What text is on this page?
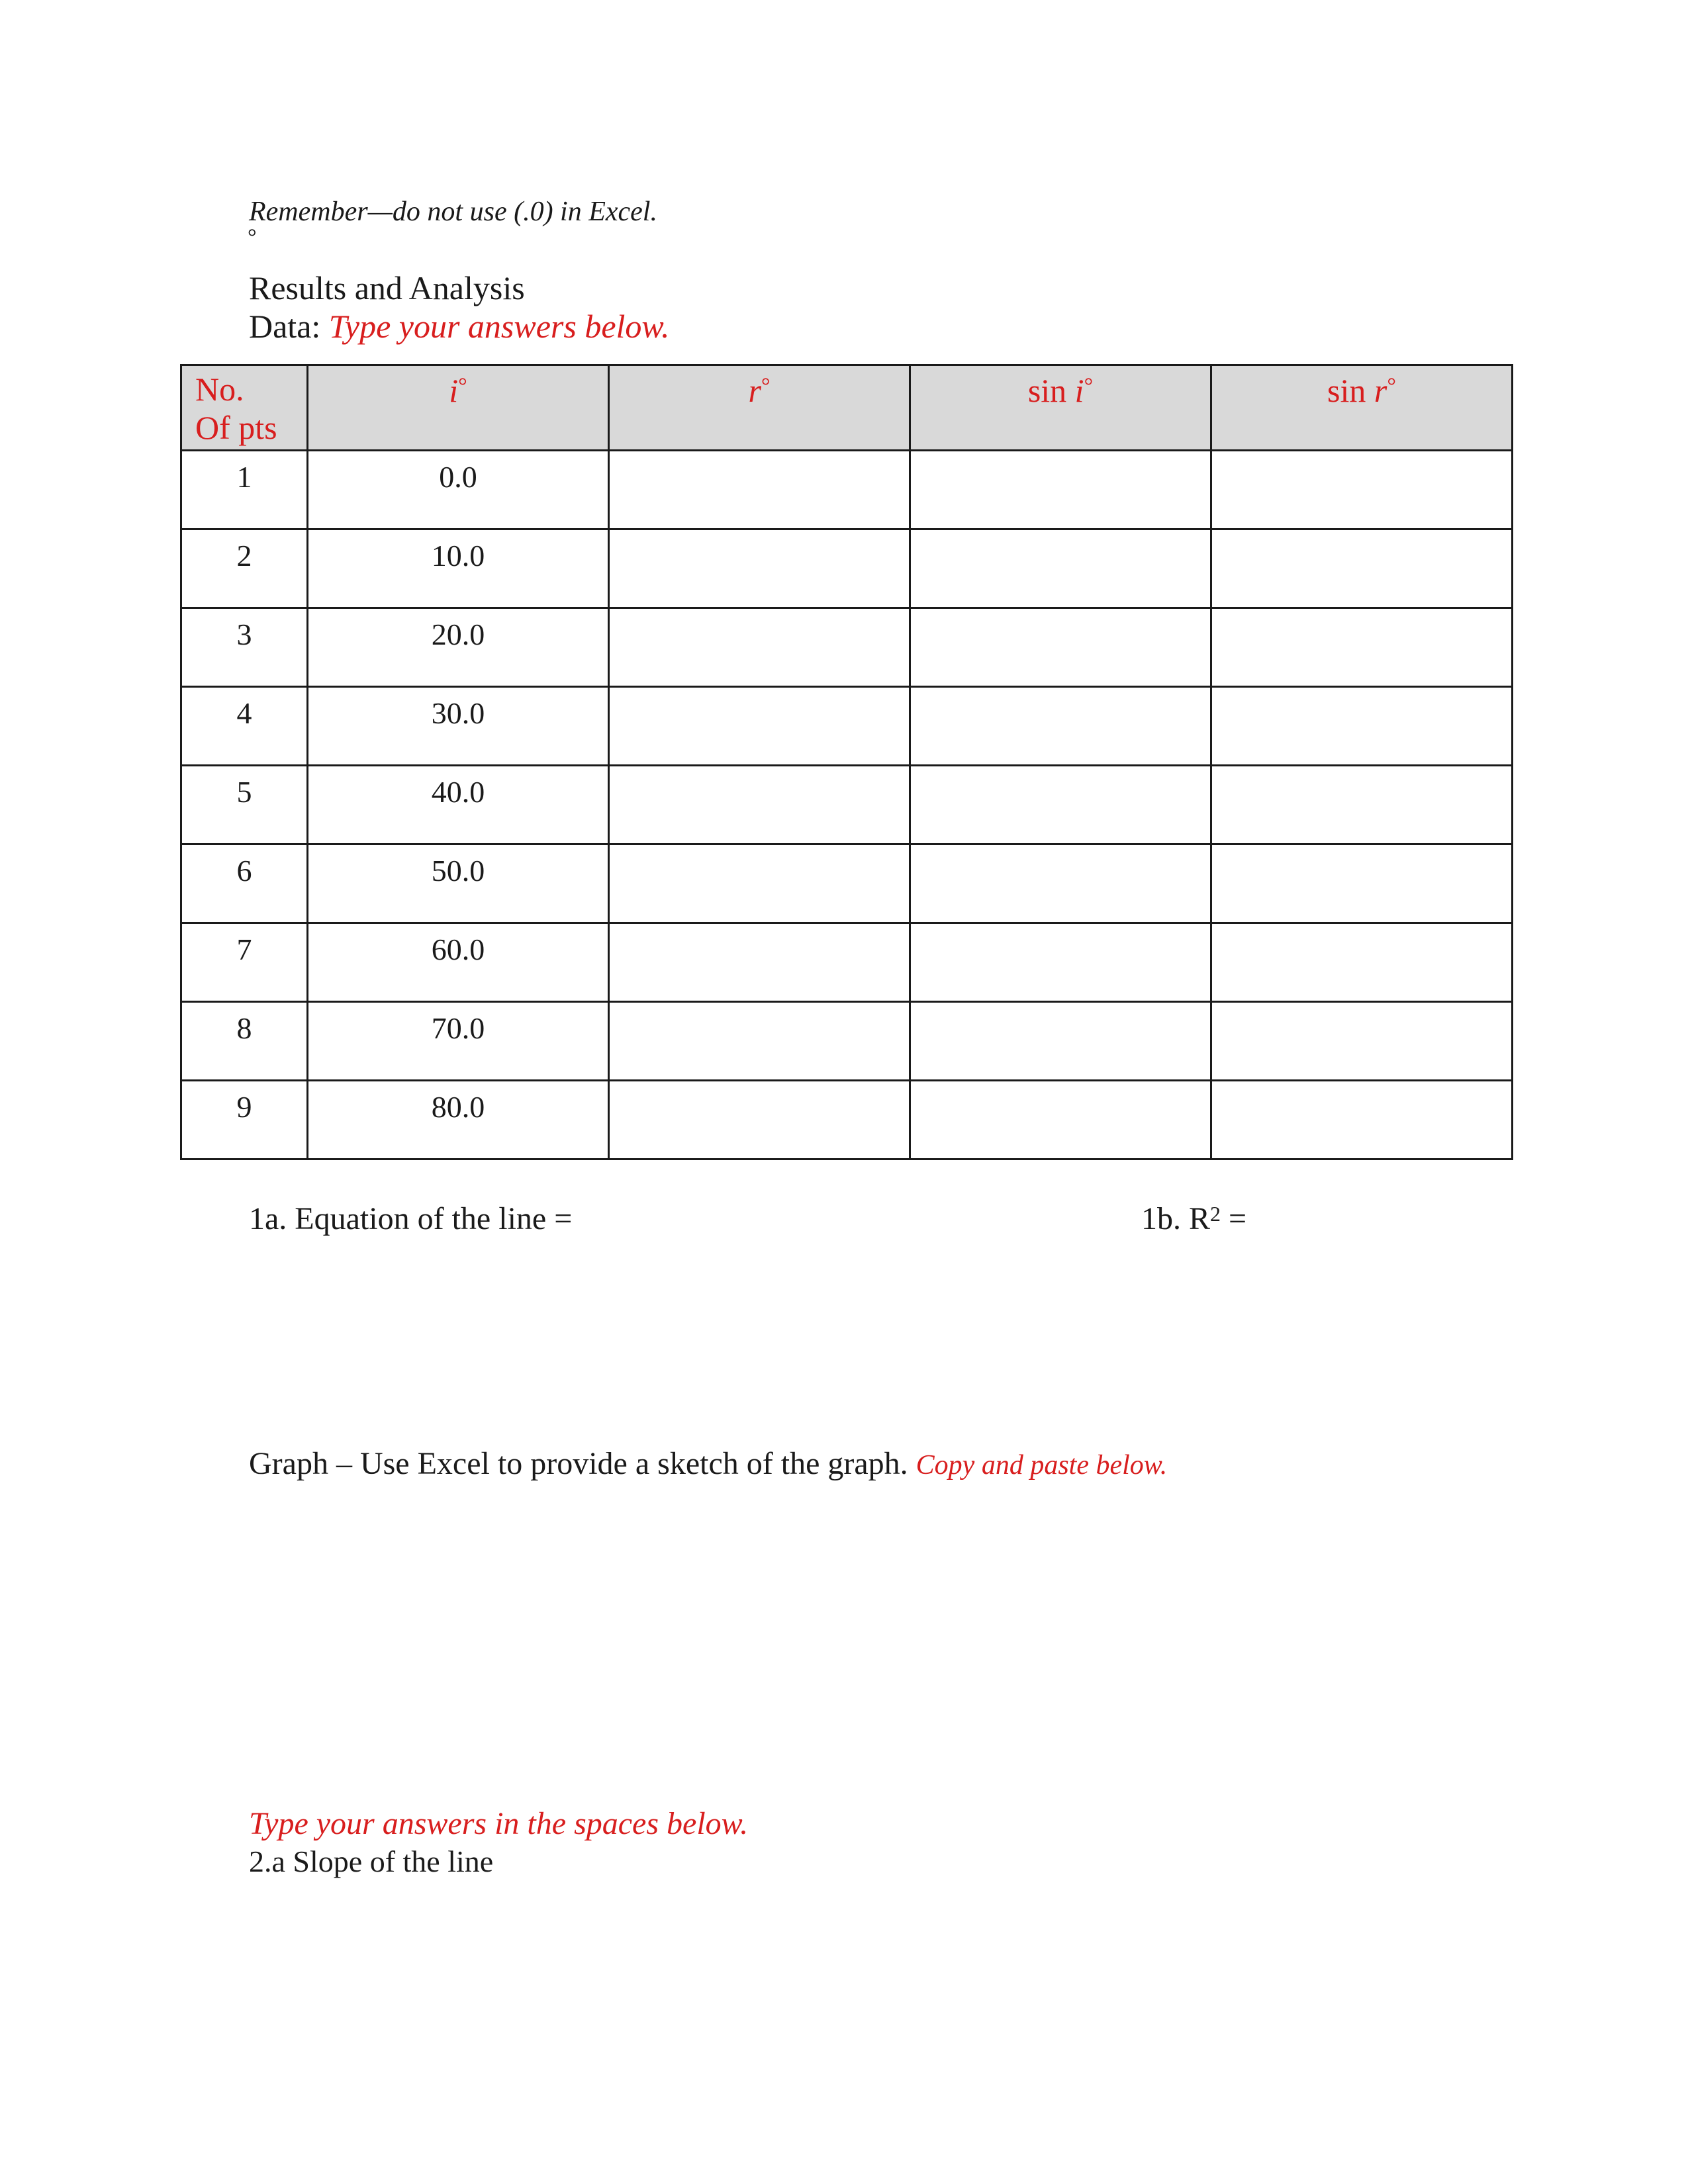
Remember—do not use (.0) in Excel.
°
Results and Analysis
Data: Type your answers below.
No.
Of pts	i°	r°	sin i°	sin r°

1	0.0			

2	10.0			

3	20.0			

4	30.0			

5	40.0			

6	50.0			

7	60.0			

8	70.0			

9	80.0			

1a. Equation of the line =	1b. $R^2$ =
Graph – Use Excel to provide a sketch of the graph. Copy and paste below.
Type your answers in the spaces below.
2.a Slope of the line
